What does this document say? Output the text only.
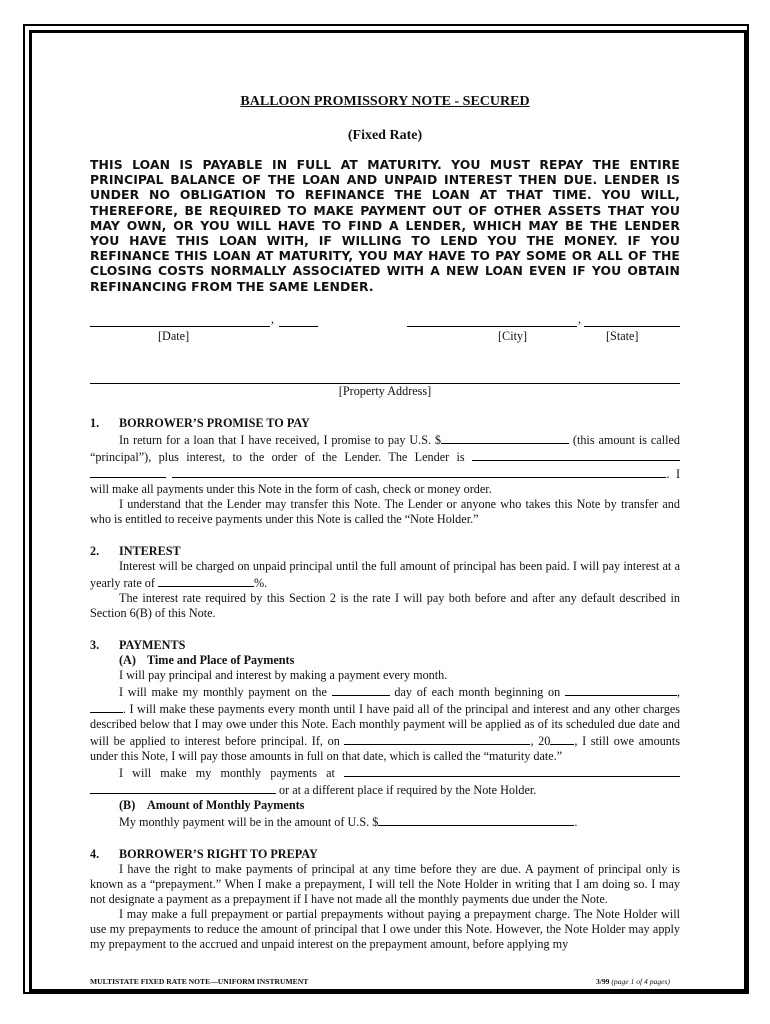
BALLOON PROMISSORY NOTE - SECURED
(Fixed Rate)
THIS LOAN IS PAYABLE IN FULL AT MATURITY. YOU MUST REPAY THE ENTIRE PRINCIPAL BALANCE OF THE LOAN AND UNPAID INTEREST THEN DUE. LENDER IS UNDER NO OBLIGATION TO REFINANCE THE LOAN AT THAT TIME. YOU WILL, THEREFORE, BE REQUIRED TO MAKE PAYMENT OUT OF OTHER ASSETS THAT YOU MAY OWN, OR YOU WILL HAVE TO FIND A LENDER, WHICH MAY BE THE LENDER YOU HAVE THIS LOAN WITH, IF WILLING TO LEND YOU THE MONEY. IF YOU REFINANCE THIS LOAN AT MATURITY, YOU MAY HAVE TO PAY SOME OR ALL OF THE CLOSING COSTS NORMALLY ASSOCIATED WITH A NEW LOAN EVEN IF YOU OBTAIN REFINANCING FROM THE SAME LENDER.
,	,
[Date]	[City]	[State]
[Property Address]
1. BORROWER’S PROMISE TO PAY

In return for a loan that I have received, I promise to pay U.S. $	(this amount is called “principal”), plus interest, to the order of the Lender. The Lender is   . I will make all payments under this Note in the form of cash, check or money order.

I understand that the Lender may transfer this Note. The Lender or anyone who takes this Note by transfer and who is entitled to receive payments under this Note is called the “Note Holder.”

2. INTEREST

Interest will be charged on unpaid principal until the full amount of principal has been paid. I will pay interest at a yearly rate of	%.

The interest rate required by this Section 2 is the rate I will pay both before and after any default described in Section 6(B) of this Note.

3. PAYMENTS
(A) Time and Place of Payments

I will pay principal and interest by making a payment every month.

I will make my monthly payment on the	day of each month beginning on	, . I will make these payments every month until I have paid all of the principal and interest and any other charges described below that I may owe under this Note. Each monthly payment will be applied as of its scheduled due date and will be applied to interest before principal. If, on	, 20 , I still owe amounts under this Note, I will pay those amounts in full on that date, which is called the “maturity date.”

I will make my monthly payments at   or at a different place if required by the Note Holder.

(B) Amount of Monthly Payments

My monthly payment will be in the amount of U.S. $	.

4. BORROWER’S RIGHT TO PREPAY

I have the right to make payments of principal at any time before they are due. A payment of principal only is known as a “prepayment.” When I make a prepayment, I will tell the Note Holder in writing that I am doing so. I may not designate a payment as a prepayment if I have not made all the monthly payments due under the Note.

I may make a full prepayment or partial prepayments without paying a prepayment charge. The Note Holder will use my prepayments to reduce the amount of principal that I owe under this Note. However, the Note Holder may apply my prepayment to the accrued and unpaid interest on the prepayment amount, before applying my

MULTISTATE FIXED RATE NOTE—UNIFORM INSTRUMENT	3/99 (page 1 of 4 pages)
